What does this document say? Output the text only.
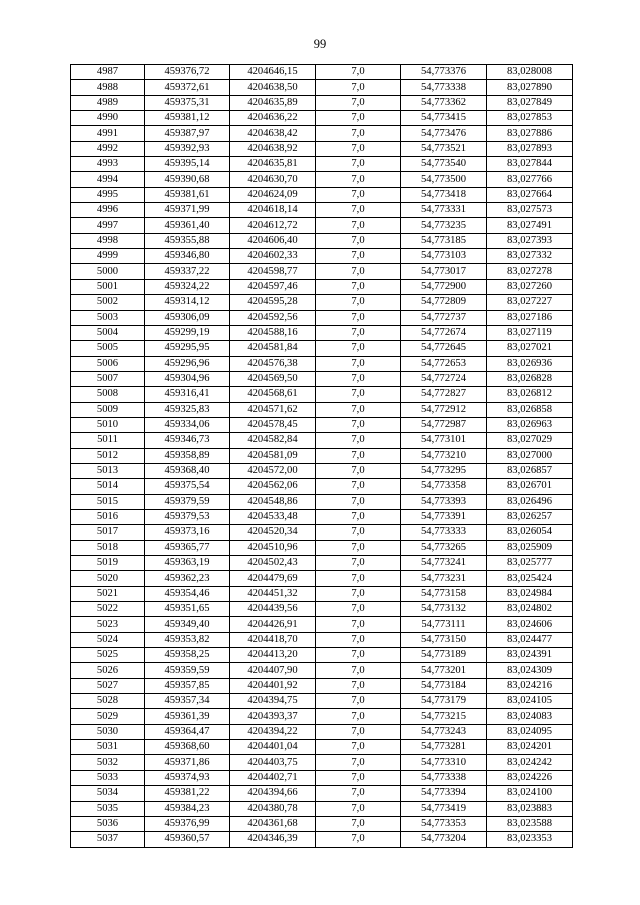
99
4987	459376,72	4204646,15	7,0	54,773376	83,028008
4988	459372,61	4204638,50	7,0	54,773338	83,027890
4989	459375,31	4204635,89	7,0	54,773362	83,027849
4990	459381,12	4204636,22	7,0	54,773415	83,027853
4991	459387,97	4204638,42	7,0	54,773476	83,027886
4992	459392,93	4204638,92	7,0	54,773521	83,027893
4993	459395,14	4204635,81	7,0	54,773540	83,027844
4994	459390,68	4204630,70	7,0	54,773500	83,027766
4995	459381,61	4204624,09	7,0	54,773418	83,027664
4996	459371,99	4204618,14	7,0	54,773331	83,027573
4997	459361,40	4204612,72	7,0	54,773235	83,027491
4998	459355,88	4204606,40	7,0	54,773185	83,027393
4999	459346,80	4204602,33	7,0	54,773103	83,027332
5000	459337,22	4204598,77	7,0	54,773017	83,027278
5001	459324,22	4204597,46	7,0	54,772900	83,027260
5002	459314,12	4204595,28	7,0	54,772809	83,027227
5003	459306,09	4204592,56	7,0	54,772737	83,027186
5004	459299,19	4204588,16	7,0	54,772674	83,027119
5005	459295,95	4204581,84	7,0	54,772645	83,027021
5006	459296,96	4204576,38	7,0	54,772653	83,026936
5007	459304,96	4204569,50	7,0	54,772724	83,026828
5008	459316,41	4204568,61	7,0	54,772827	83,026812
5009	459325,83	4204571,62	7,0	54,772912	83,026858
5010	459334,06	4204578,45	7,0	54,772987	83,026963
5011	459346,73	4204582,84	7,0	54,773101	83,027029
5012	459358,89	4204581,09	7,0	54,773210	83,027000
5013	459368,40	4204572,00	7,0	54,773295	83,026857
5014	459375,54	4204562,06	7,0	54,773358	83,026701
5015	459379,59	4204548,86	7,0	54,773393	83,026496
5016	459379,53	4204533,48	7,0	54,773391	83,026257
5017	459373,16	4204520,34	7,0	54,773333	83,026054
5018	459365,77	4204510,96	7,0	54,773265	83,025909
5019	459363,19	4204502,43	7,0	54,773241	83,025777
5020	459362,23	4204479,69	7,0	54,773231	83,025424
5021	459354,46	4204451,32	7,0	54,773158	83,024984
5022	459351,65	4204439,56	7,0	54,773132	83,024802
5023	459349,40	4204426,91	7,0	54,773111	83,024606
5024	459353,82	4204418,70	7,0	54,773150	83,024477
5025	459358,25	4204413,20	7,0	54,773189	83,024391
5026	459359,59	4204407,90	7,0	54,773201	83,024309
5027	459357,85	4204401,92	7,0	54,773184	83,024216
5028	459357,34	4204394,75	7,0	54,773179	83,024105
5029	459361,39	4204393,37	7,0	54,773215	83,024083
5030	459364,47	4204394,22	7,0	54,773243	83,024095
5031	459368,60	4204401,04	7,0	54,773281	83,024201
5032	459371,86	4204403,75	7,0	54,773310	83,024242
5033	459374,93	4204402,71	7,0	54,773338	83,024226
5034	459381,22	4204394,66	7,0	54,773394	83,024100
5035	459384,23	4204380,78	7,0	54,773419	83,023883
5036	459376,99	4204361,68	7,0	54,773353	83,023588
5037	459360,57	4204346,39	7,0	54,773204	83,023353
